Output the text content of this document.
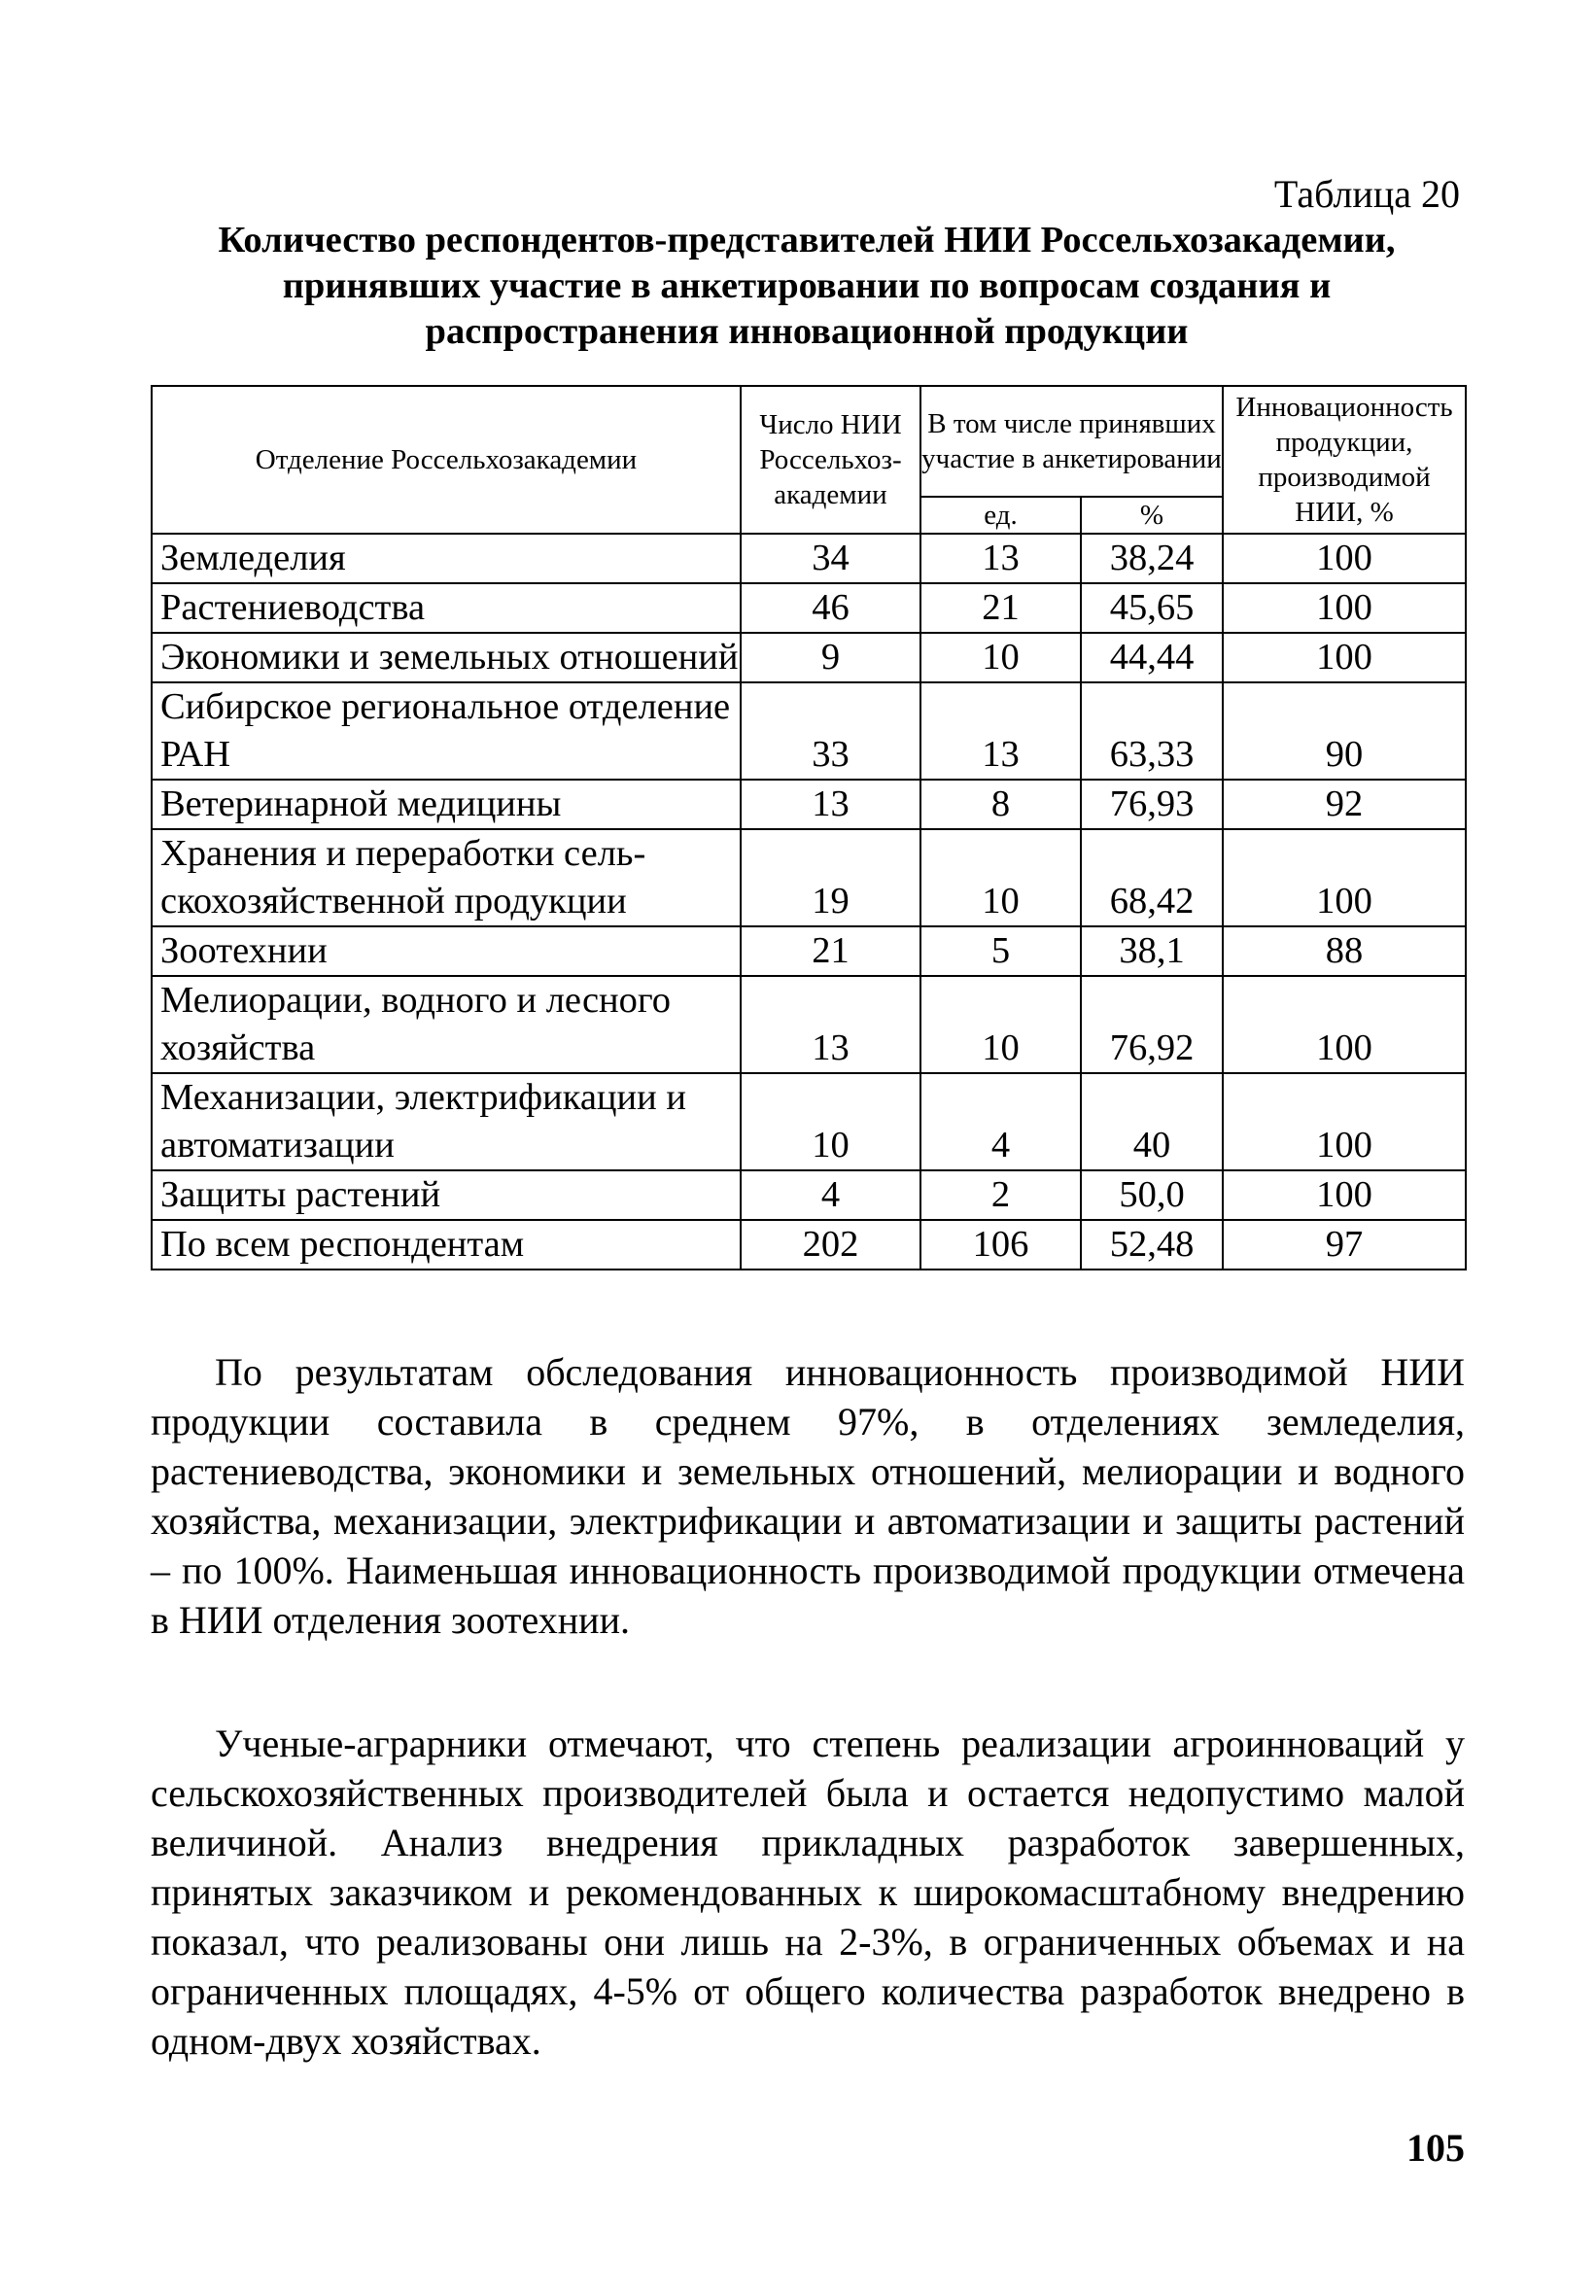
Таблица 20
Количество респондентов-представителей НИИ Россельхозакадемии, принявших участие в анкетировании по вопросам создания и распространения инновационной продукции
Отделение Россельхозакадемии	Число НИИ Россельхозакадемии	В том числе принявших участие в анкетировании		Инновационность продукции, производимой НИИ, %
		ед.	%	
Земледелия	34	13	38,24	100
Растениеводства	46	21	45,65	100
Экономики и земельных отношений	9	10	44,44	100
Сибирское региональное отделение РАН	33	13	63,33	90
Ветеринарной медицины	13	8	76,93	92
Хранения и переработки сельскохозяйственной продукции	19	10	68,42	100
Зоотехнии	21	5	38,1	88
Мелиорации, водного и лесного хозяйства	13	10	76,92	100
Механизации, электрификации и автоматизации	10	4	40	100
Защиты растений	4	2	50,0	100
По всем респондентам	202	106	52,48	97
По результатам обследования инновационность производимой НИИ продукции составила в среднем 97%, в отделениях земледелия, растениеводства, экономики и земельных отношений, мелиорации и водного хозяйства, механизации, электрификации и автоматизации и защиты растений – по 100%. Наименьшая инновационность производимой продукции отмечена в НИИ отделения зоотехнии.
Ученые-аграрники отмечают, что степень реализации агроинноваций у сельскохозяйственных производителей была и остается недопустимо малой величиной. Анализ внедрения прикладных разработок завершенных, принятых заказчиком и рекомендованных к широкомасштабному внедрению показал, что реализованы они лишь на 2-3%, в ограниченных объемах и на ограниченных площадях, 4-5% от общего количества разработок внедрено в одном-двух хозяйствах.
105
